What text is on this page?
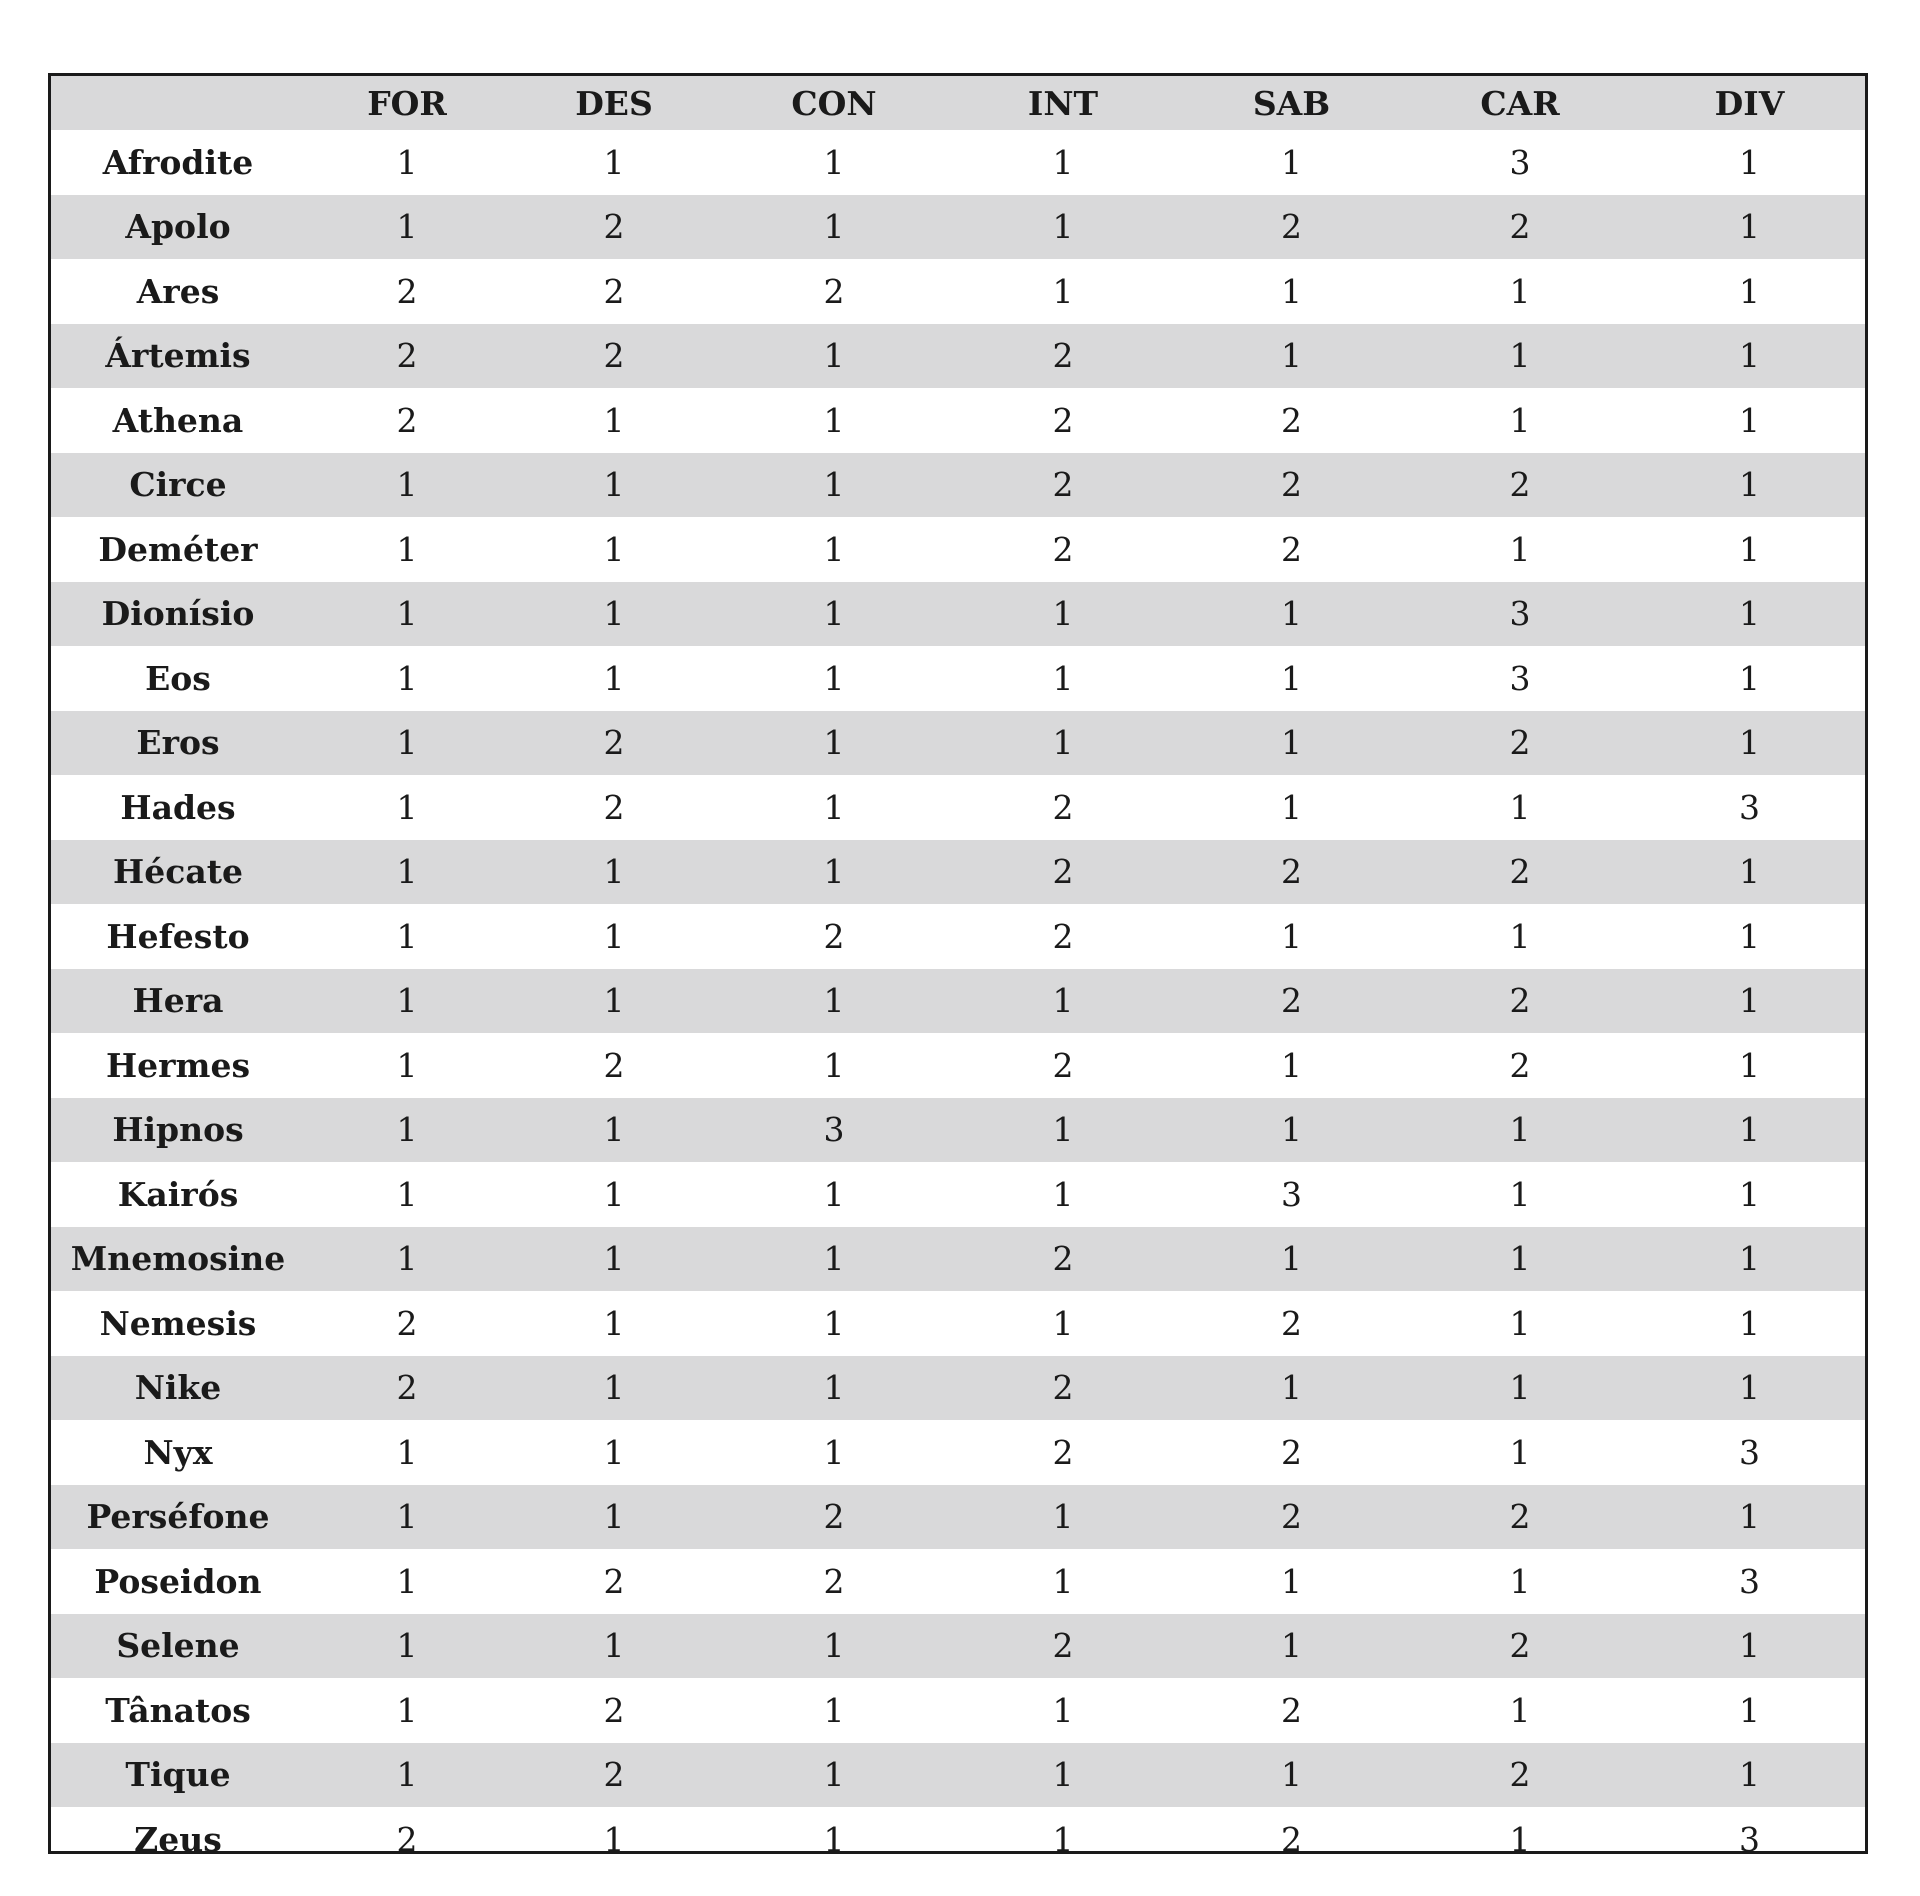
	FOR	DES	CON	INT	SAB	CAR	DIV
Afrodite	1	1	1	1	1	3	1
Apolo	1	2	1	1	2	2	1
Ares	2	2	2	1	1	1	1
Ártemis	2	2	1	2	1	1	1
Athena	2	1	1	2	2	1	1
Circe	1	1	1	2	2	2	1
Deméter	1	1	1	2	2	1	1
Dionísio	1	1	1	1	1	3	1
Eos	1	1	1	1	1	3	1
Eros	1	2	1	1	1	2	1
Hades	1	2	1	2	1	1	3
Hécate	1	1	1	2	2	2	1
Hefesto	1	1	2	2	1	1	1
Hera	1	1	1	1	2	2	1
Hermes	1	2	1	2	1	2	1
Hipnos	1	1	3	1	1	1	1
Kairós	1	1	1	1	3	1	1
Mnemosine	1	1	1	2	1	1	1
Nemesis	2	1	1	1	2	1	1
Nike	2	1	1	2	1	1	1
Nyx	1	1	1	2	2	1	3
Perséfone	1	1	2	1	2	2	1
Poseidon	1	2	2	1	1	1	3
Selene	1	1	1	2	1	2	1
Tânatos	1	2	1	1	2	1	1
Tique	1	2	1	1	1	2	1
Zeus	2	1	1	1	2	1	3
